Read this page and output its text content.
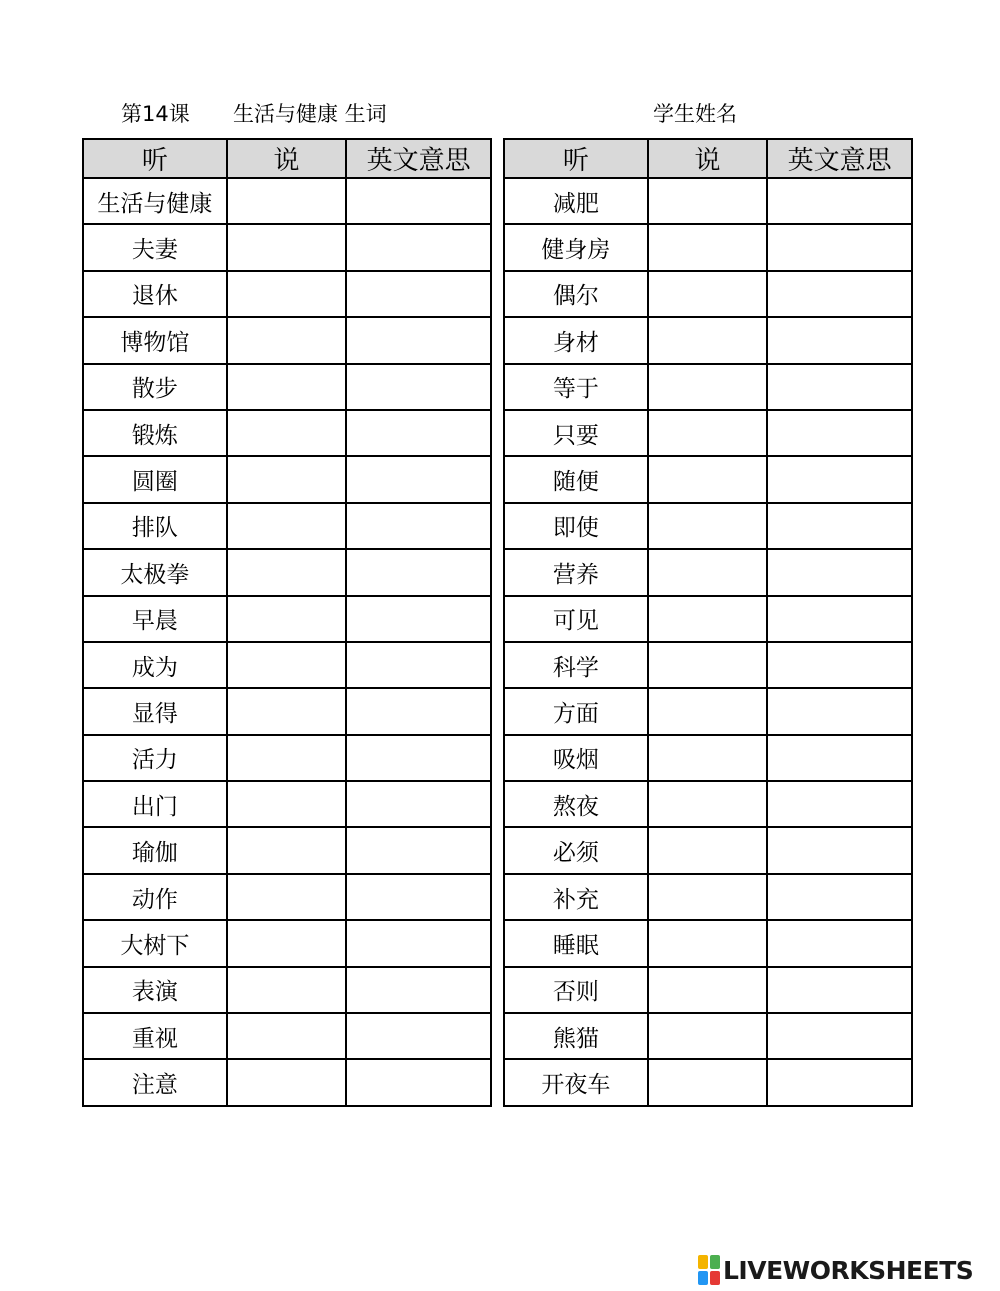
第14课 生活与健康 生词	学生姓名
听	说	英文意思
生活与健康		
夫妻		
退休		
博物馆		
散步		
锻炼		
圆圈		
排队		
太极拳		
早晨		
成为		
显得		
活力		
出门		
瑜伽		
动作		
大树下		
表演		
重视		
注意		
听	说	英文意思
减肥		
健身房		
偶尔		
身材		
等于		
只要		
随便		
即使		
营养		
可见		
科学		
方面		
吸烟		
熬夜		
必须		
补充		
睡眠		
否则		
熊猫		
开夜车		
LIVEWORKSHEETS
